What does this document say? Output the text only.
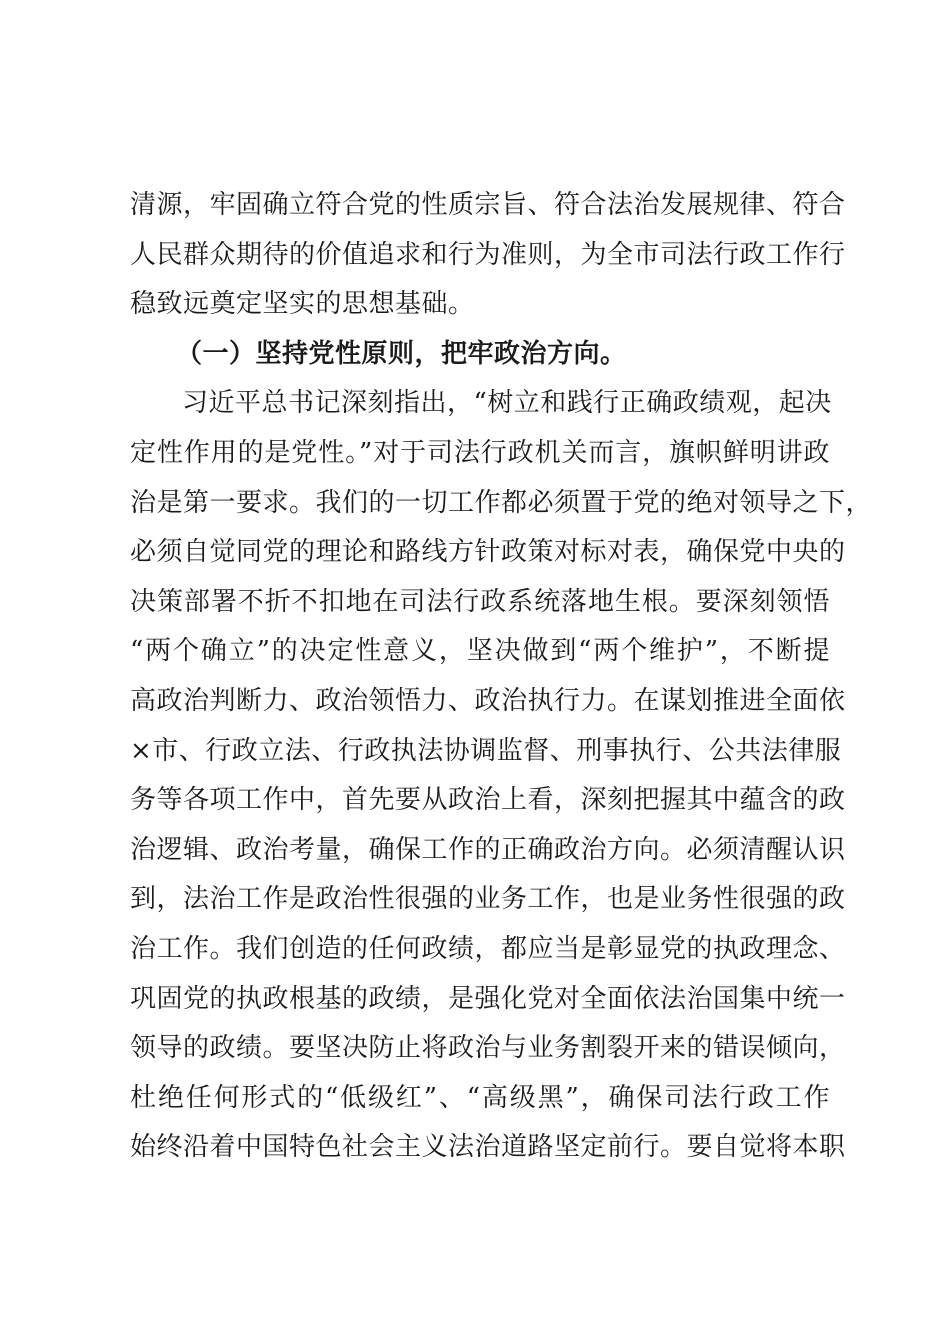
清源，牢固确立符合党的性质宗旨、符合法治发展规律、符合
人民群众期待的价值追求和行为准则，为全市司法行政工作行
稳致远奠定坚实的思想基础。
（一）坚持党性原则，把牢政治方向。
习近平总书记深刻指出，“树立和践行正确政绩观，起决
定性作用的是党性。”对于司法行政机关而言，旗帜鲜明讲政
治是第一要求。我们的一切工作都必须置于党的绝对领导之下，
必须自觉同党的理论和路线方针政策对标对表，确保党中央的
决策部署不折不扣地在司法行政系统落地生根。要深刻领悟
“两个确立”的决定性意义，坚决做到“两个维护”，不断提
高政治判断力、政治领悟力、政治执行力。在谋划推进全面依
×市、行政立法、行政执法协调监督、刑事执行、公共法律服
务等各项工作中，首先要从政治上看，深刻把握其中蕴含的政
治逻辑、政治考量，确保工作的正确政治方向。必须清醒认识
到，法治工作是政治性很强的业务工作，也是业务性很强的政
治工作。我们创造的任何政绩，都应当是彰显党的执政理念、
巩固党的执政根基的政绩，是强化党对全面依法治国集中统一
领导的政绩。要坚决防止将政治与业务割裂开来的错误倾向，
杜绝任何形式的“低级红”、“高级黑”，确保司法行政工作
始终沿着中国特色社会主义法治道路坚定前行。要自觉将本职
